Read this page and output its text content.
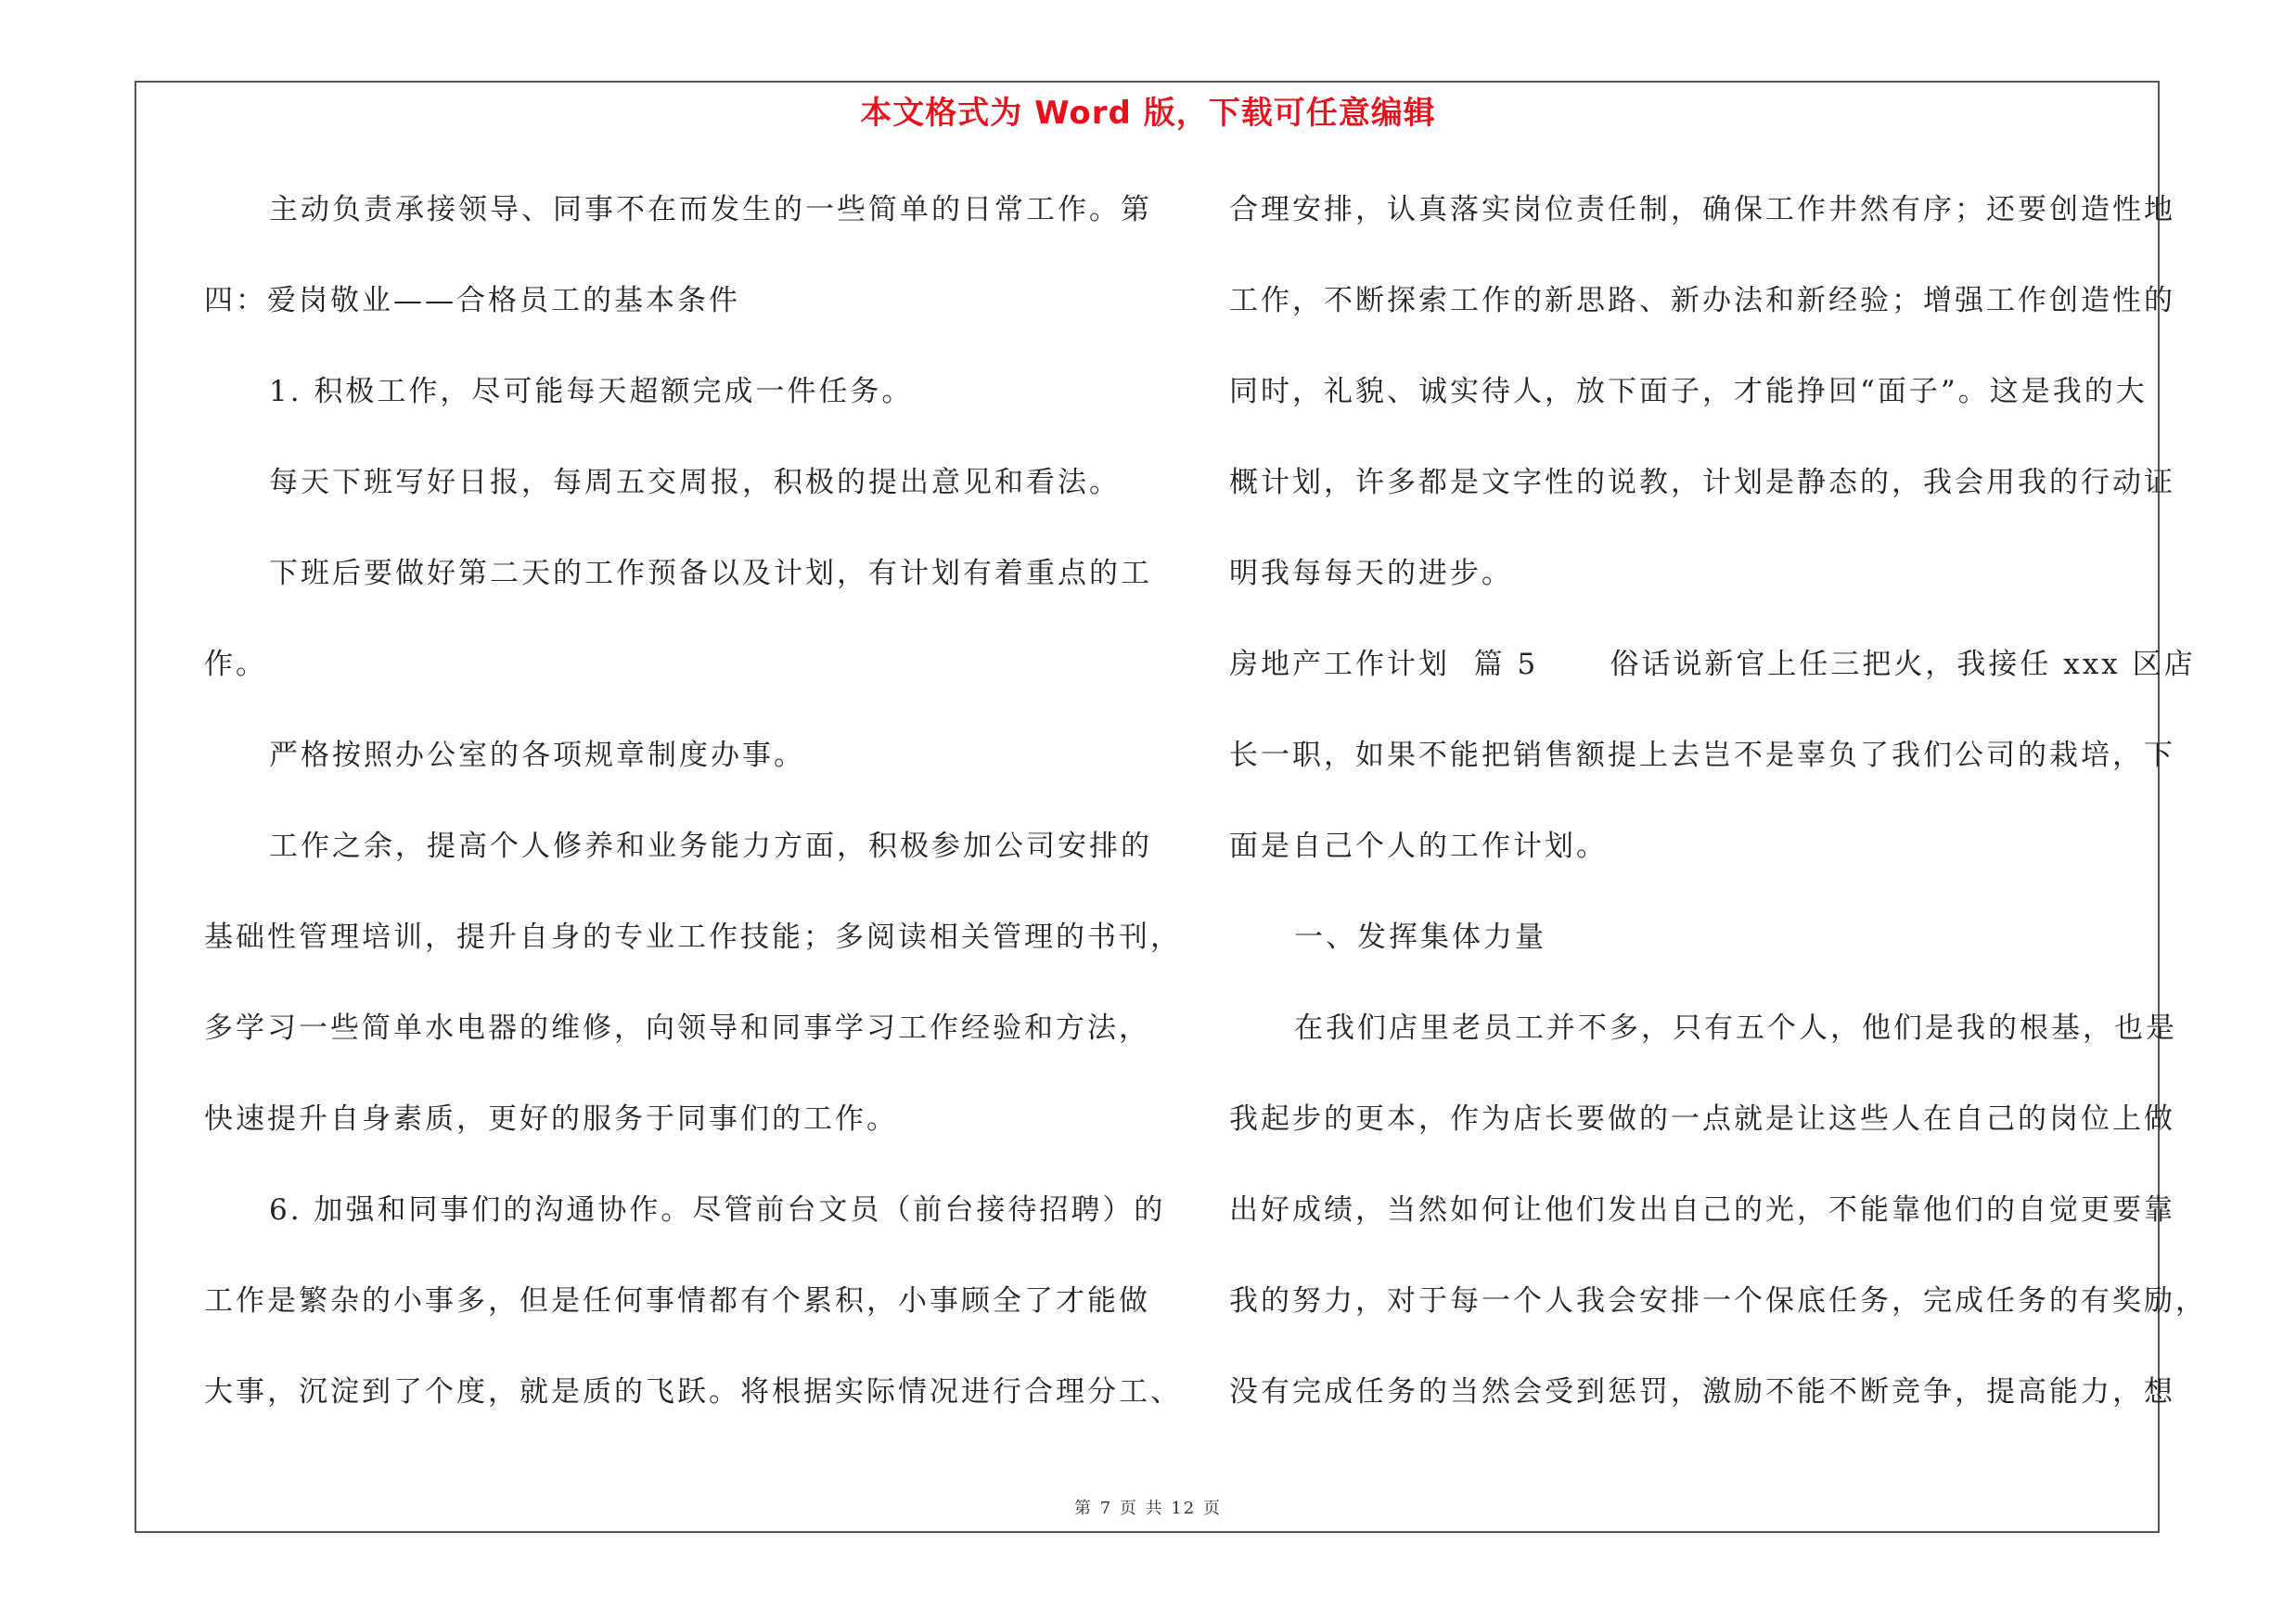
本文格式为 Word 版，下载可任意编辑
主动负责承接领导、同事不在而发生的一些简单的日常工作。第
四：爱岗敬业——合格员工的基本条件
1. 积极工作，尽可能每天超额完成一件任务。
每天下班写好日报，每周五交周报，积极的提出意见和看法。
下班后要做好第二天的工作预备以及计划，有计划有着重点的工
作。
严格按照办公室的各项规章制度办事。
工作之余，提高个人修养和业务能力方面，积极参加公司安排的
基础性管理培训，提升自身的专业工作技能；多阅读相关管理的书刊，
多学习一些简单水电器的维修，向领导和同事学习工作经验和方法，
快速提升自身素质，更好的服务于同事们的工作。
6. 加强和同事们的沟通协作。尽管前台文员（前台接待招聘）的
工作是繁杂的小事多，但是任何事情都有个累积，小事顾全了才能做
大事，沉淀到了个度，就是质的飞跃。将根据实际情况进行合理分工、
合理安排，认真落实岗位责任制，确保工作井然有序；还要创造性地
工作，不断探索工作的新思路、新办法和新经验；增强工作创造性的
同时，礼貌、诚实待人，放下面子，才能挣回“面子”。这是我的大
概计划，许多都是文字性的说教，计划是静态的，我会用我的行动证
明我每每天的进步。
房地产工作计划  篇 5      俗话说新官上任三把火，我接任 xxx 区店
长一职，如果不能把销售额提上去岂不是辜负了我们公司的栽培，下
面是自己个人的工作计划。
一、发挥集体力量
在我们店里老员工并不多，只有五个人，他们是我的根基，也是
我起步的更本，作为店长要做的一点就是让这些人在自己的岗位上做
出好成绩，当然如何让他们发出自己的光，不能靠他们的自觉更要靠
我的努力，对于每一个人我会安排一个保底任务，完成任务的有奖励，
没有完成任务的当然会受到惩罚，激励不能不断竞争，提高能力，想
第 7 页 共 12 页
